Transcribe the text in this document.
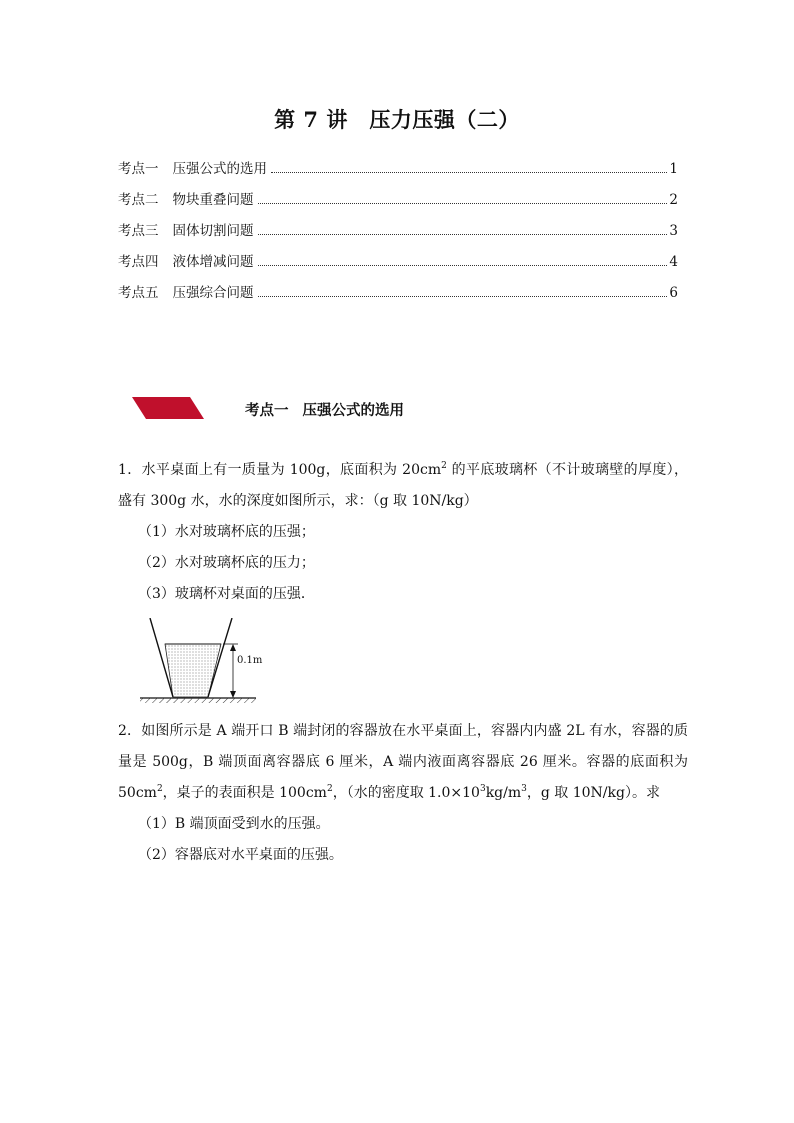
第 7 讲　压力压强（二）
考点一 压强公式的选用	1
考点二 物块重叠问题	2
考点三 固体切割问题	3
考点四 液体增减问题	4
考点五 压强综合问题	6
考点一 压强公式的选用
1．水平桌面上有一质量为 100g，底面积为 $20cm^2$ 的平底玻璃杯（不计玻璃壁的厚度），盛有 300g 水，水的深度如图所示，求：（g 取 10N/kg）
（1）水对玻璃杯底的压强；
（2）水对玻璃杯底的压力；
（3）玻璃杯对桌面的压强．
0.1m
2．如图所示是 A 端开口 B 端封闭的容器放在水平桌面上，容器内内盛 2L 有水，容器的质量是 500g，B 端顶面离容器底 6 厘米，A 端内液面离容器底 26 厘米。容器的底面积为 $50cm^2$，桌子的表面积是 $100cm^2$，（水的密度取 $1.0\times 10^3kg/m^3$，g 取 10N/kg）。求
（1）B 端顶面受到水的压强。
（2）容器底对水平桌面的压强。
